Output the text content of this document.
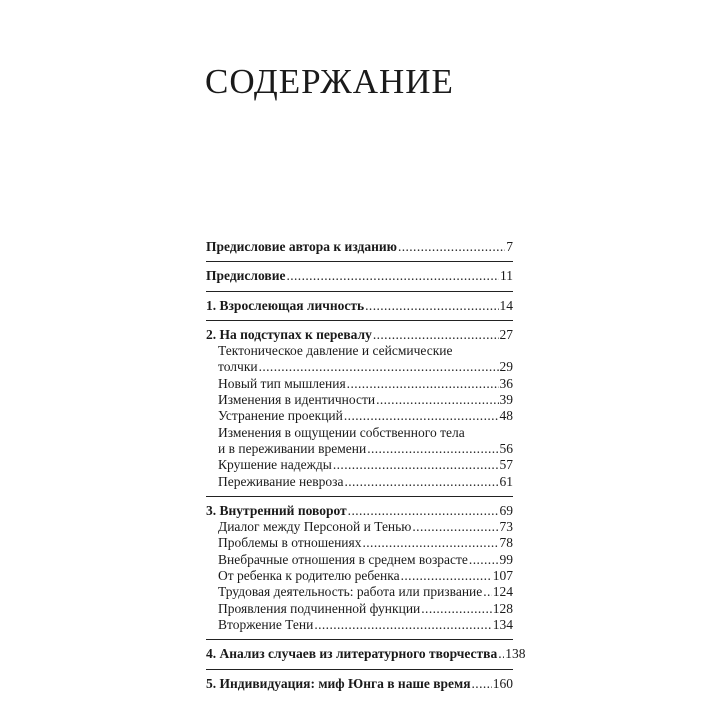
СОДЕРЖАНИЕ
Предисловие автора к изданию .....	7
Предисловие .....	11
1. Взрослеющая личность .....	14
2. На подступах к перевалу .....	27
Тектоническое давление и сейсмические
толчки .....	29
Новый тип мышления .....	36
Изменения в идентичности .....	39
Устранение проекций .....	48
Изменения в ощущении собственного тела
и в переживании времени .....	56
Крушение надежды .....	57
Переживание невроза .....	61
3. Внутренний поворот .....	69
Диалог между Персоной и Тенью .....	73
Проблемы в отношениях .....	78
Внебрачные отношения в среднем возрасте ..... 99
От ребенка к родителю ребенка .....	107
Трудовая деятельность: работа или призвание ..... 124
Проявления подчиненной функции .....	128
Вторжение Тени .....	134
4. Анализ случаев из литературного творчества ..... 138
5. Индивидуация: миф Юнга в наше время ..... 160
